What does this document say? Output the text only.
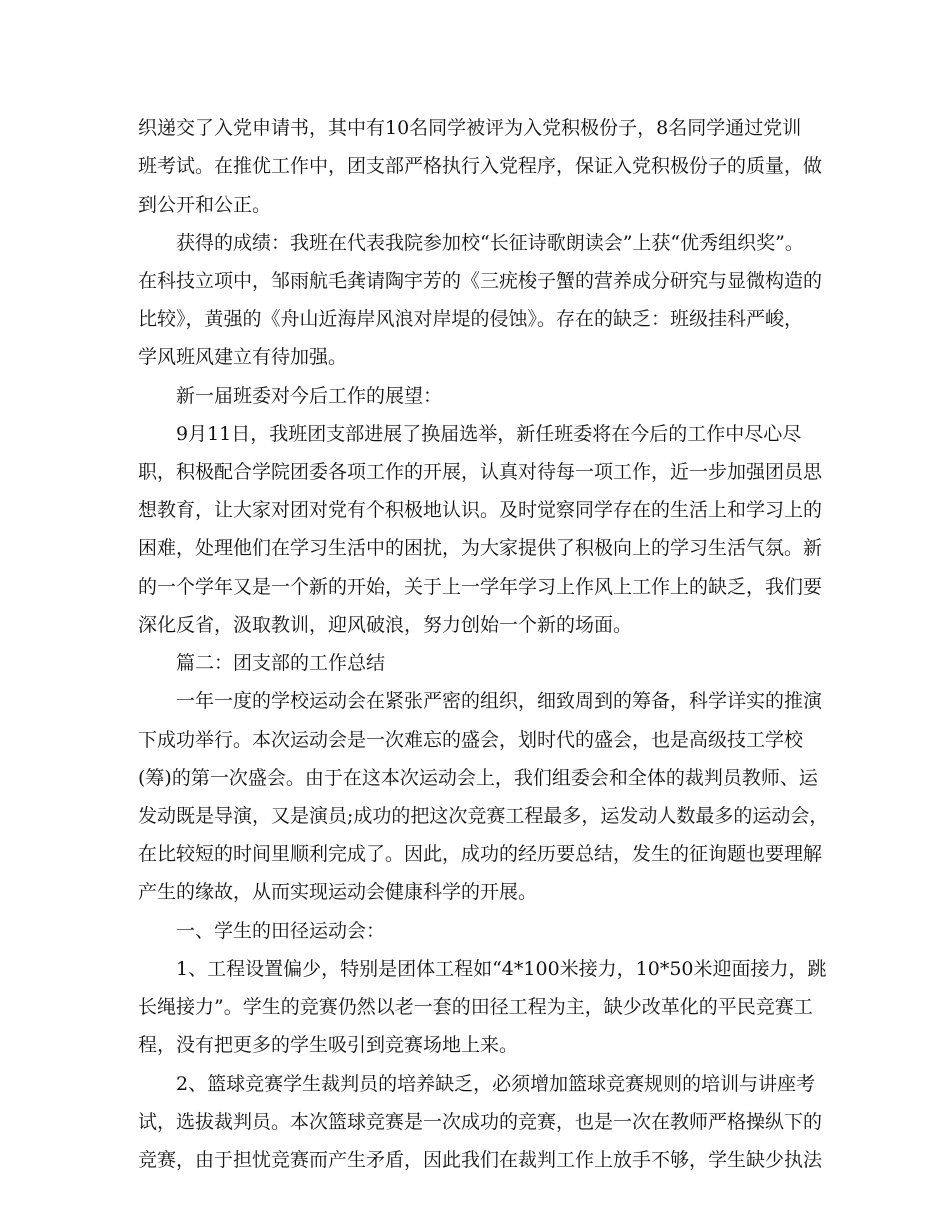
织递交了入党申请书，其中有10名同学被评为入党积极份子，8名同学通过党训
班考试。在推优工作中，团支部严格执行入党程序，保证入党积极份子的质量，做
到公开和公正。
获得的成绩：我班在代表我院参加校“长征诗歌朗读会”上获“优秀组织奖”。
在科技立项中，邹雨航毛龚请陶宇芳的《三疣梭子蟹的营养成分研究与显微构造的
比较》，黄强的《舟山近海岸风浪对岸堤的侵蚀》。存在的缺乏：班级挂科严峻，
学风班风建立有待加强。
新一届班委对今后工作的展望：
9月11日，我班团支部进展了换届选举，新任班委将在今后的工作中尽心尽
职，积极配合学院团委各项工作的开展，认真对待每一项工作，近一步加强团员思
想教育，让大家对团对党有个积极地认识。及时觉察同学存在的生活上和学习上的
困难，处理他们在学习生活中的困扰，为大家提供了积极向上的学习生活气氛。新
的一个学年又是一个新的开始，关于上一学年学习上作风上工作上的缺乏，我们要
深化反省，汲取教训，迎风破浪，努力创始一个新的场面。
篇二：团支部的工作总结
一年一度的学校运动会在紧张严密的组织，细致周到的筹备，科学详实的推演
下成功举行。本次运动会是一次难忘的盛会，划时代的盛会，也是高级技工学校
(筹)的第一次盛会。由于在这本次运动会上，我们组委会和全体的裁判员教师、运
发动既是导演，又是演员;成功的把这次竞赛工程最多，运发动人数最多的运动会，
在比较短的时间里顺利完成了。因此，成功的经历要总结，发生的征询题也要理解
产生的缘故，从而实现运动会健康科学的开展。
一、学生的田径运动会：
1、工程设置偏少，特别是团体工程如“4*100米接力，10*50米迎面接力，跳
长绳接力”。学生的竞赛仍然以老一套的田径工程为主，缺少改革化的平民竞赛工
程，没有把更多的学生吸引到竞赛场地上来。
2、篮球竞赛学生裁判员的培养缺乏，必须增加篮球竞赛规则的培训与讲座考
试，选拔裁判员。本次篮球竞赛是一次成功的竞赛，也是一次在教师严格操纵下的
竞赛，由于担忧竞赛而产生矛盾，因此我们在裁判工作上放手不够，学生缺少执法
